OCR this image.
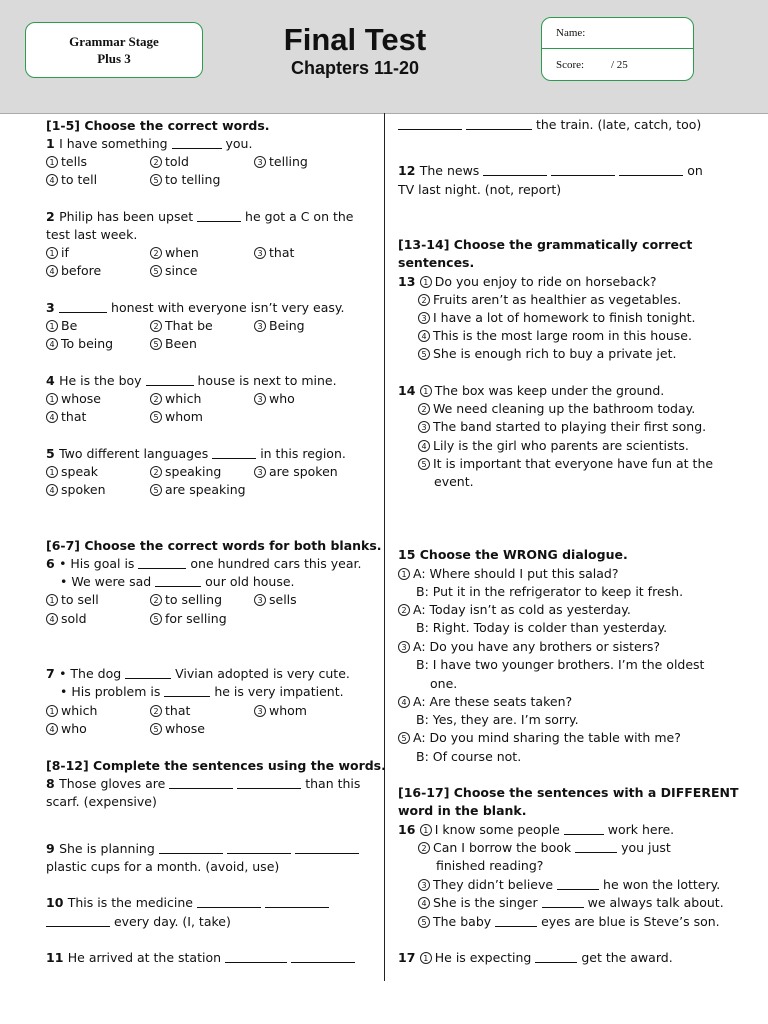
Grammar Stage
Plus 3
Final Test
Chapters 11-20
Name:
Score: / 25
[1-5] Choose the correct words.
1 I have something	you.
1 tells	2 told	3 telling
4 to tell	5 to telling
2 Philip has been upset	he got a C on the
test last week.
1 if	2 when	3 that
4 before	5 since
3	honest with everyone isn’t very easy.
1 Be	2 That be	3 Being
4 To being	5 Been
4 He is the boy	house is next to mine.
1 whose	2 which	3 who
4 that	5 whom
5 Two different languages	in this region.
1 speak	2 speaking	3 are spoken
4 spoken	5 are speaking
[6-7] Choose the correct words for both blanks.
6 • His goal is	one hundred cars this year.
• We were sad	our old house.
1 to sell	2 to selling	3 sells
4 sold	5 for selling
7 • The dog	Vivian adopted is very cute.
• His problem is	he is very impatient.
1 which	2 that	3 whom
4 who	5 whose
[8-12] Complete the sentences using the words.
8 Those gloves are	than this
scarf. (expensive)
9 She is planning
plastic cups for a month. (avoid, use)
10 This is the medicine
every day. (I, take)
11 He arrived at the station
the train. (late, catch, too)
12 The news	on
TV last night. (not, report)
[13-14] Choose the grammatically correct
sentences.
13 1 Do you enjoy to ride on horseback?
2 Fruits aren’t as healthier as vegetables.
3 I have a lot of homework to finish tonight.
4 This is the most large room in this house.
5 She is enough rich to buy a private jet.
14 1 The box was keep under the ground.
2 We need cleaning up the bathroom today.
3 The band started to playing their first song.
4 Lily is the girl who parents are scientists.
5 It is important that everyone have fun at the
event.
15 Choose the WRONG dialogue.
1 A: Where should I put this salad?
B: Put it in the refrigerator to keep it fresh.
2 A: Today isn’t as cold as yesterday.
B: Right. Today is colder than yesterday.
3 A: Do you have any brothers or sisters?
B: I have two younger brothers. I’m the oldest
one.
4 A: Are these seats taken?
B: Yes, they are. I’m sorry.
5 A: Do you mind sharing the table with me?
B: Of course not.
[16-17] Choose the sentences with a DIFFERENT
word in the blank.
16 1 I know some people	work here.
2 Can I borrow the book	you just
finished reading?
3 They didn’t believe	he won the lottery.
4 She is the singer	we always talk about.
5 The baby	eyes are blue is Steve’s son.
17 1 He is expecting	get the award.
